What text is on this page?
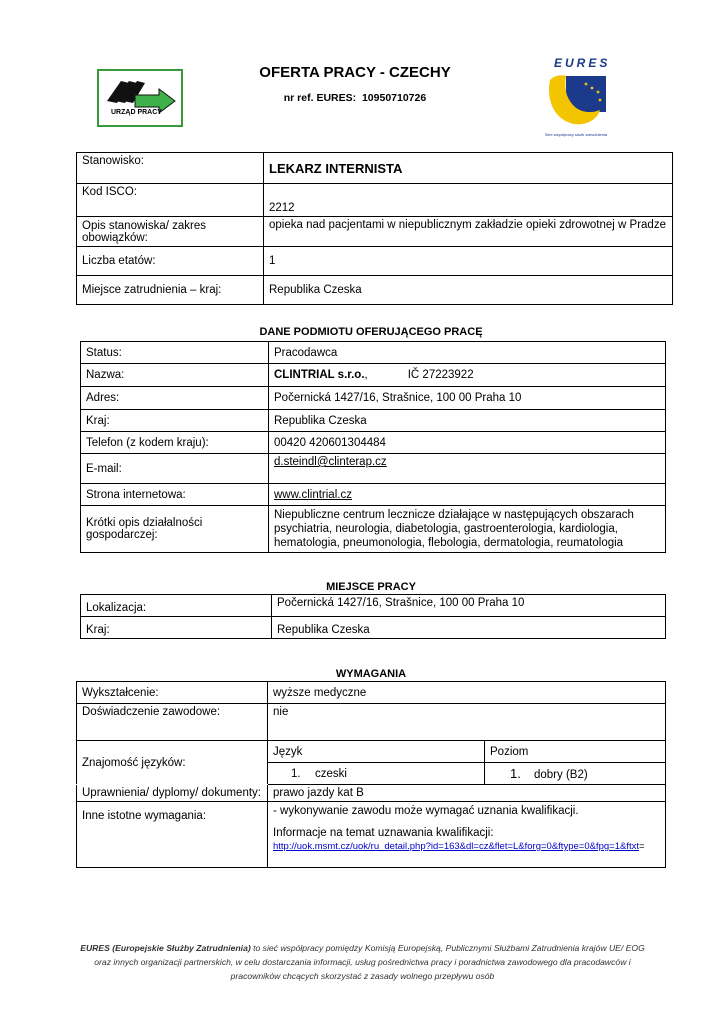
URZĄD PRACY
OFERTA PRACY - CZECHY
nr ref. EURES: 10950710726
EURES
Sieć współpracy służb zatrudnienia
Stanowisko:	LEKARZ INTERNISTA
Kod ISCO:	2212
Opis stanowiska/ zakres obowiązków:	opieka nad pacjentami w niepublicznym zakładzie opieki zdrowotnej w Pradze
Liczba etatów:	1
Miejsce zatrudnienia – kraj:	Republika Czeska
DANE PODMIOTU OFERUJĄCEGO PRACĘ
Status:	Pracodawca
Nazwa:	CLINTRIAL s.r.o., IČ 27223922
Adres:	Počernická 1427/16, Strašnice, 100 00 Praha 10
Kraj:	Republika Czeska
Telefon (z kodem kraju):	00420 420601304484
E-mail:	d.steindl@clinterap.cz
Strona internetowa:	www.clintrial.cz
Krótki opis działalności gospodarczej:	Niepubliczne centrum lecznicze działające w następujących obszarach psychiatria, neurologia, diabetologia, gastroenterologia, kardiologia, hematologia, pneumonologia, flebologia, dermatologia, reumatologia
MIEJSCE PRACY
Lokalizacja:	Počernická 1427/16, Strašnice, 100 00 Praha 10
Kraj:	Republika Czeska
WYMAGANIA
Wykształcenie:	wyższe medyczne	
Doświadczenie zawodowe:	nie	
Znajomość języków:	Język	Poziom
	1. czeski	1. dobry (B2)
Uprawnienia/ dyplomy/ dokumenty:	prawo jazdy kat B	
Inne istotne wymagania:	- wykonywanie zawodu może wymagać uznania kwalifikacji.
Informacje na temat uznawania kwalifikacji:
http://uok.msmt.cz/uok/ru_detail.php?id=163&dl=cz&flet=L&forg=0&ftype=0&fpg=1&ftxt=	
EURES (Europejskie Służby Zatrudnienia) to sieć współpracy pomiędzy Komisją Europejską, Publicznymi Służbami Zatrudnienia krajów UE/ EOG
oraz innych organizacji partnerskich, w celu dostarczania informacji, usług pośrednictwa pracy i poradnictwa zawodowego dla pracodawców i
pracowników chcących skorzystać z zasady wolnego przepływu osób
